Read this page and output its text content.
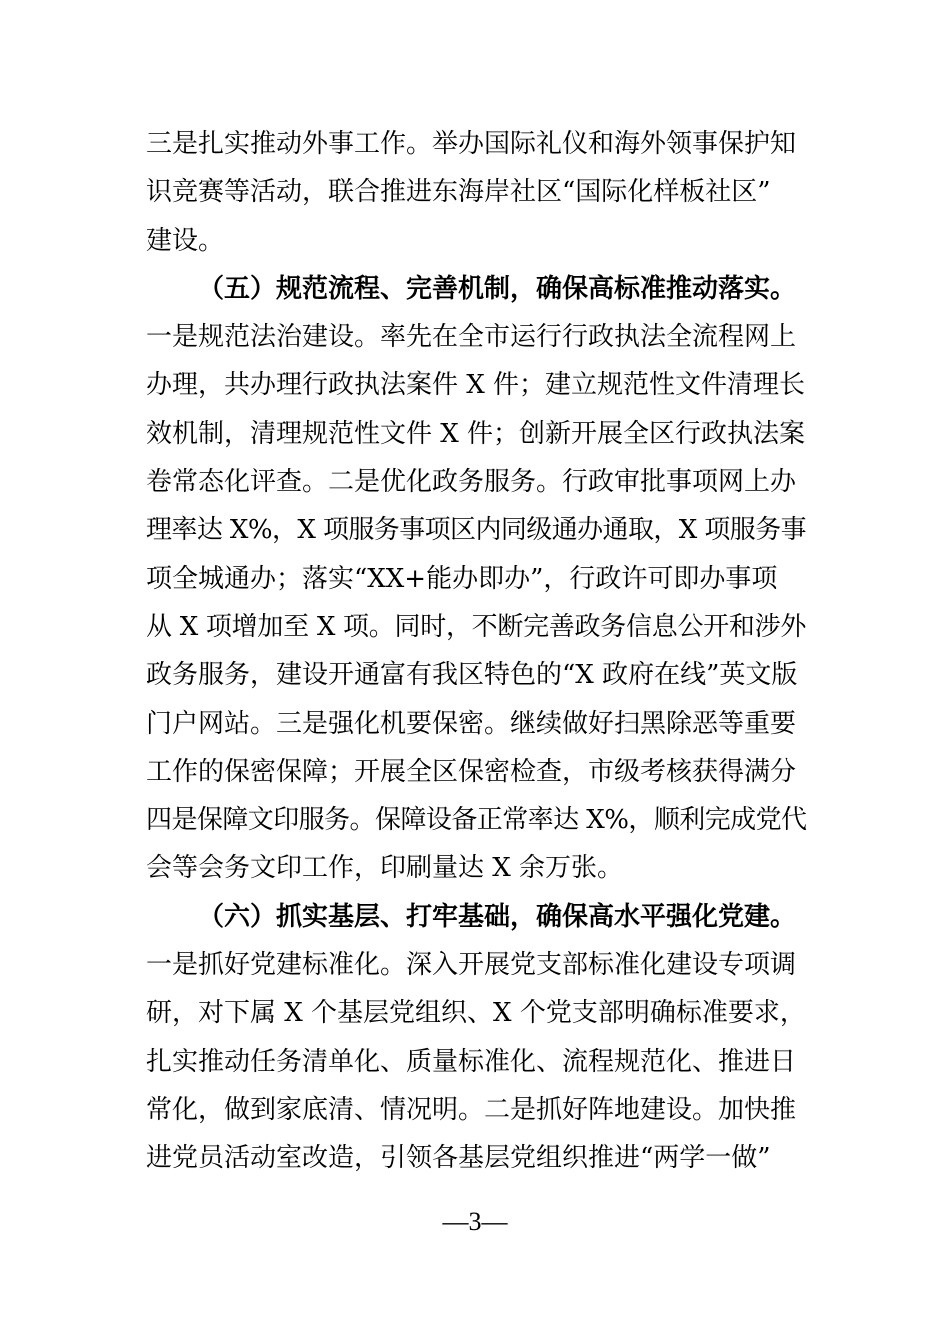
三是扎实推动外事工作。举办国际礼仪和海外领事保护知
识竞赛等活动，联合推进东海岸社区“国际化样板社区”
建设。
（五）规范流程、完善机制，确保高标准推动落实。
一是规范法治建设。率先在全市运行行政执法全流程网上
办理，共办理行政执法案件 X 件；建立规范性文件清理长
效机制，清理规范性文件 X 件；创新开展全区行政执法案
卷常态化评查。二是优化政务服务。行政审批事项网上办
理率达 X%，X 项服务事项区内同级通办通取，X 项服务事
项全城通办；落实“XX+能办即办”，行政许可即办事项
从 X 项增加至 X 项。同时，不断完善政务信息公开和涉外
政务服务，建设开通富有我区特色的“X 政府在线”英文版
门户网站。三是强化机要保密。继续做好扫黑除恶等重要
工作的保密保障；开展全区保密检查，市级考核获得满分
四是保障文印服务。保障设备正常率达 X%，顺利完成党代
会等会务文印工作，印刷量达 X 余万张。
（六）抓实基层、打牢基础，确保高水平强化党建。
一是抓好党建标准化。深入开展党支部标准化建设专项调
研，对下属 X 个基层党组织、X 个党支部明确标准要求，
扎实推动任务清单化、质量标准化、流程规范化、推进日
常化，做到家底清、情况明。二是抓好阵地建设。加快推
进党员活动室改造，引领各基层党组织推进“两学一做”
—3—
